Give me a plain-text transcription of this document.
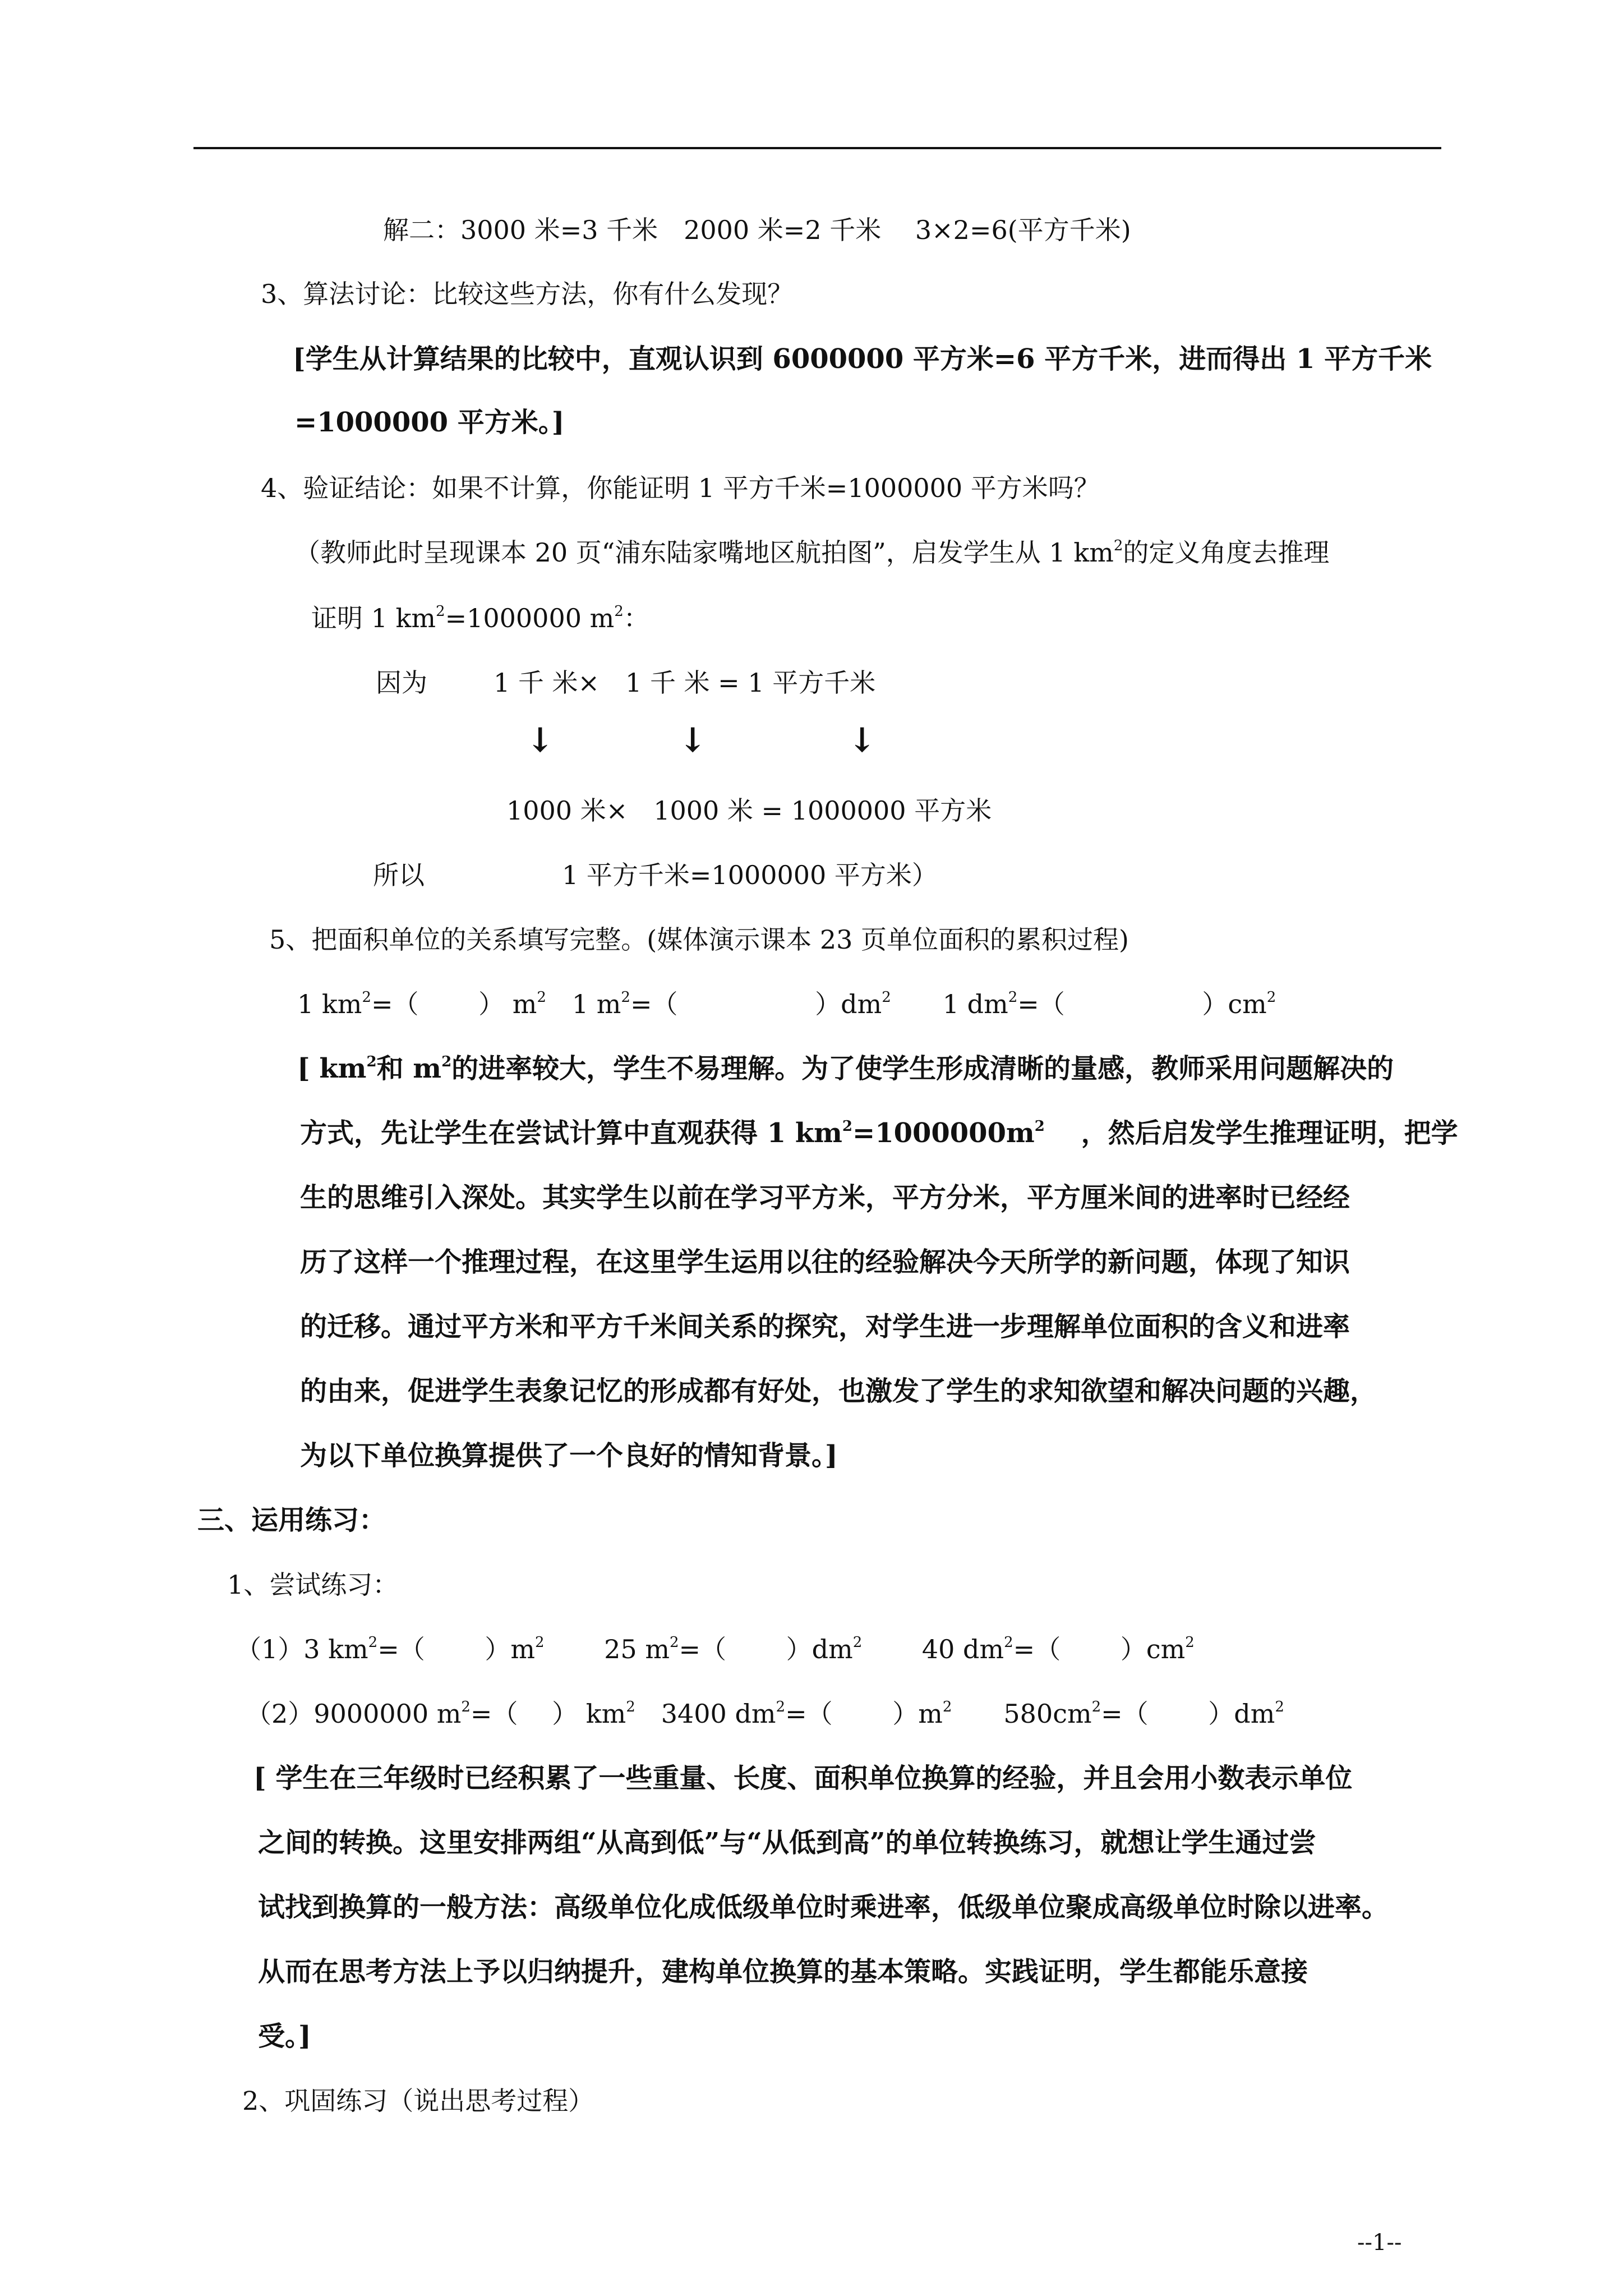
解二：3000 米=3 千米　2000 米=2 千米　 3×2=6(平方千米)
3、算法讨论：比较这些方法，你有什么发现？
[学生从计算结果的比较中，直观认识到 6000000 平方米=6 平方千米，进而得出 1 平方千米
=1000000 平方米。]
4、验证结论：如果不计算，你能证明 1 平方千米=1000000 平方米吗？
（教师此时呈现课本 20 页“浦东陆家嘴地区航拍图”，启发学生从 1 $km^2$的定义角度去推理
证明 1 $km^2=1000000$ $m^2$：
因为	1 千 米×　1 千 米 = 1 平方千米
↓	↓	↓
1000 米×　1000 米 = 1000000 平方米
所以	1 平方千米=1000000 平方米）
5、把面积单位的关系填写完整。(媒体演示课本 23 页单位面积的累积过程)
1 $km^2=$（　　 ） $m^2$　1 $m^2=$（　　　　　 ）$dm^2$　　1 $dm^2=$（　　　　　 ）$cm^2$
[ $km^2$和 $m^2$的进率较大，学生不易理解。为了使学生形成清晰的量感，教师采用问题解决的
方式，先让学生在尝试计算中直观获得 1 $km^2=1000000m^2$　 ，然后启发学生推理证明，把学
生的思维引入深处。其实学生以前在学习平方米，平方分米，平方厘米间的进率时已经经
历了这样一个推理过程，在这里学生运用以往的经验解决今天所学的新问题，体现了知识
的迁移。通过平方米和平方千米间关系的探究，对学生进一步理解单位面积的含义和进率
的由来，促进学生表象记忆的形成都有好处，也激发了学生的求知欲望和解决问题的兴趣，
为以下单位换算提供了一个良好的情知背景。]
三、运用练习：
1、尝试练习：
（1）3 $km^2=$（　　 ）$m^2$　　 25 $m^2=$（　　 ）$dm^2$　　 40 $dm^2=$（　　 ）$cm^2$
（2）9000000 $m^2=$（　 ） $km^2$　3400 $dm^2=$（　　 ）$m^2$　　$580cm^2=$（　　 ）$dm^2$
[ 学生在三年级时已经积累了一些重量、长度、面积单位换算的经验，并且会用小数表示单位
之间的转换。这里安排两组“从高到低”与“从低到高”的单位转换练习，就想让学生通过尝
试找到换算的一般方法：高级单位化成低级单位时乘进率，低级单位聚成高级单位时除以进率。
从而在思考方法上予以归纳提升，建构单位换算的基本策略。实践证明，学生都能乐意接
受。]
2、巩固练习（说出思考过程）
--1--
